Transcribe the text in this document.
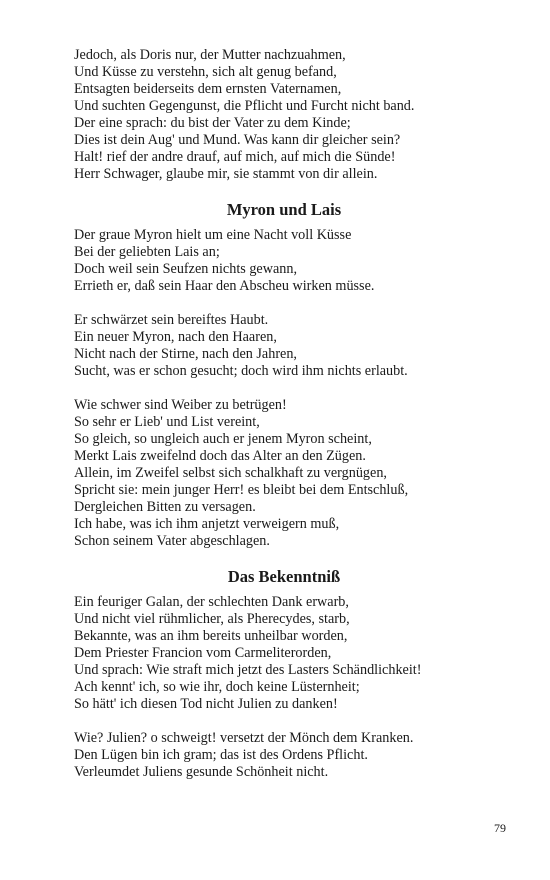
Jedoch, als Doris nur, der Mutter nachzuahmen,
Und Küsse zu verstehn, sich alt genug befand,
Entsagten beiderseits dem ernsten Vaternamen,
Und suchten Gegengunst, die Pflicht und Furcht nicht band.
Der eine sprach: du bist der Vater zu dem Kinde;
Dies ist dein Aug' und Mund. Was kann dir gleicher sein?
Halt! rief der andre drauf, auf mich, auf mich die Sünde!
Herr Schwager, glaube mir, sie stammt von dir allein.
Myron und Lais
Der graue Myron hielt um eine Nacht voll Küsse
Bei der geliebten Lais an;
Doch weil sein Seufzen nichts gewann,
Errieth er, daß sein Haar den Abscheu wirken müsse.
Er schwärzet sein bereiftes Haubt.
Ein neuer Myron, nach den Haaren,
Nicht nach der Stirne, nach den Jahren,
Sucht, was er schon gesucht; doch wird ihm nichts erlaubt.
Wie schwer sind Weiber zu betrügen!
So sehr er Lieb' und List vereint,
So gleich, so ungleich auch er jenem Myron scheint,
Merkt Lais zweifelnd doch das Alter an den Zügen.
Allein, im Zweifel selbst sich schalkhaft zu vergnügen,
Spricht sie: mein junger Herr! es bleibt bei dem Entschluß,
Dergleichen Bitten zu versagen.
Ich habe, was ich ihm anjetzt verweigern muß,
Schon seinem Vater abgeschlagen.
Das Bekenntniß
Ein feuriger Galan, der schlechten Dank erwarb,
Und nicht viel rühmlicher, als Pherecydes, starb,
Bekannte, was an ihm bereits unheilbar worden,
Dem Priester Francion vom Carmeliterorden,
Und sprach: Wie straft mich jetzt des Lasters Schändlichkeit!
Ach kennt' ich, so wie ihr, doch keine Lüsternheit;
So hätt' ich diesen Tod nicht Julien zu danken!
Wie? Julien? o schweigt! versetzt der Mönch dem Kranken.
Den Lügen bin ich gram; das ist des Ordens Pflicht.
Verleumdet Juliens gesunde Schönheit nicht.
79
